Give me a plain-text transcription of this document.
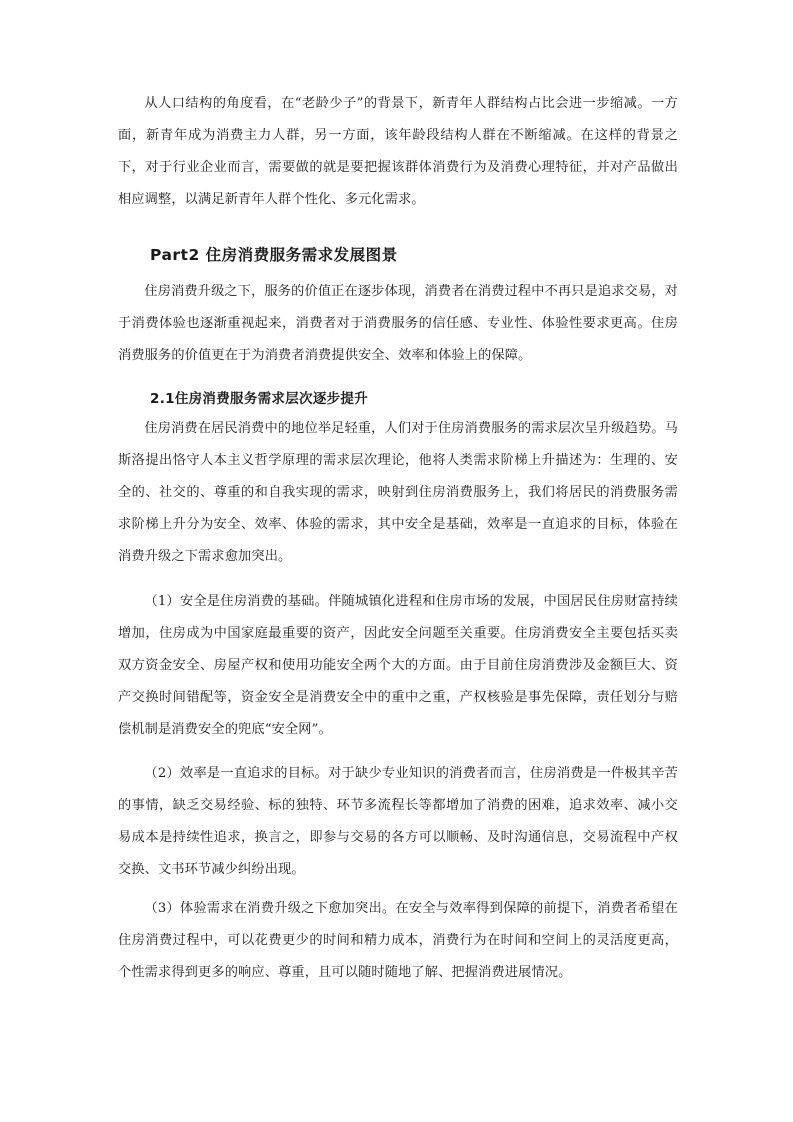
从人口结构的角度看，在“老龄少子”的背景下，新青年人群结构占比会进一步缩减。一方面，新青年成为消费主力人群，另一方面，该年龄段结构人群在不断缩减。在这样的背景之下，对于行业企业而言，需要做的就是要把握该群体消费行为及消费心理特征，并对产品做出相应调整，以满足新青年人群个性化、多元化需求。

Part2 住房消费服务需求发展图景

住房消费升级之下，服务的价值正在逐步体现，消费者在消费过程中不再只是追求交易，对于消费体验也逐渐重视起来，消费者对于消费服务的信任感、专业性、体验性要求更高。住房消费服务的价值更在于为消费者消费提供安全、效率和体验上的保障。

2.1住房消费服务需求层次逐步提升

住房消费在居民消费中的地位举足轻重，人们对于住房消费服务的需求层次呈升级趋势。马斯洛提出恪守人本主义哲学原理的需求层次理论，他将人类需求阶梯上升描述为：生理的、安全的、社交的、尊重的和自我实现的需求，映射到住房消费服务上，我们将居民的消费服务需求阶梯上升分为安全、效率、体验的需求，其中安全是基础，效率是一直追求的目标，体验在消费升级之下需求愈加突出。

（1）安全是住房消费的基础。伴随城镇化进程和住房市场的发展，中国居民住房财富持续增加，住房成为中国家庭最重要的资产，因此安全问题至关重要。住房消费安全主要包括买卖双方资金安全、房屋产权和使用功能安全两个大的方面。由于目前住房消费涉及金额巨大、资产交换时间错配等，资金安全是消费安全中的重中之重，产权核验是事先保障，责任划分与赔偿机制是消费安全的兜底“安全网”。

（2）效率是一直追求的目标。对于缺少专业知识的消费者而言，住房消费是一件极其辛苦的事情，缺乏交易经验、标的独特、环节多流程长等都增加了消费的困难，追求效率、减小交易成本是持续性追求，换言之，即参与交易的各方可以顺畅、及时沟通信息，交易流程中产权交换、文书环节减少纠纷出现。

（3）体验需求在消费升级之下愈加突出。在安全与效率得到保障的前提下，消费者希望在住房消费过程中，可以花费更少的时间和精力成本，消费行为在时间和空间上的灵活度更高，个性需求得到更多的响应、尊重，且可以随时随地了解、把握消费进展情况。
